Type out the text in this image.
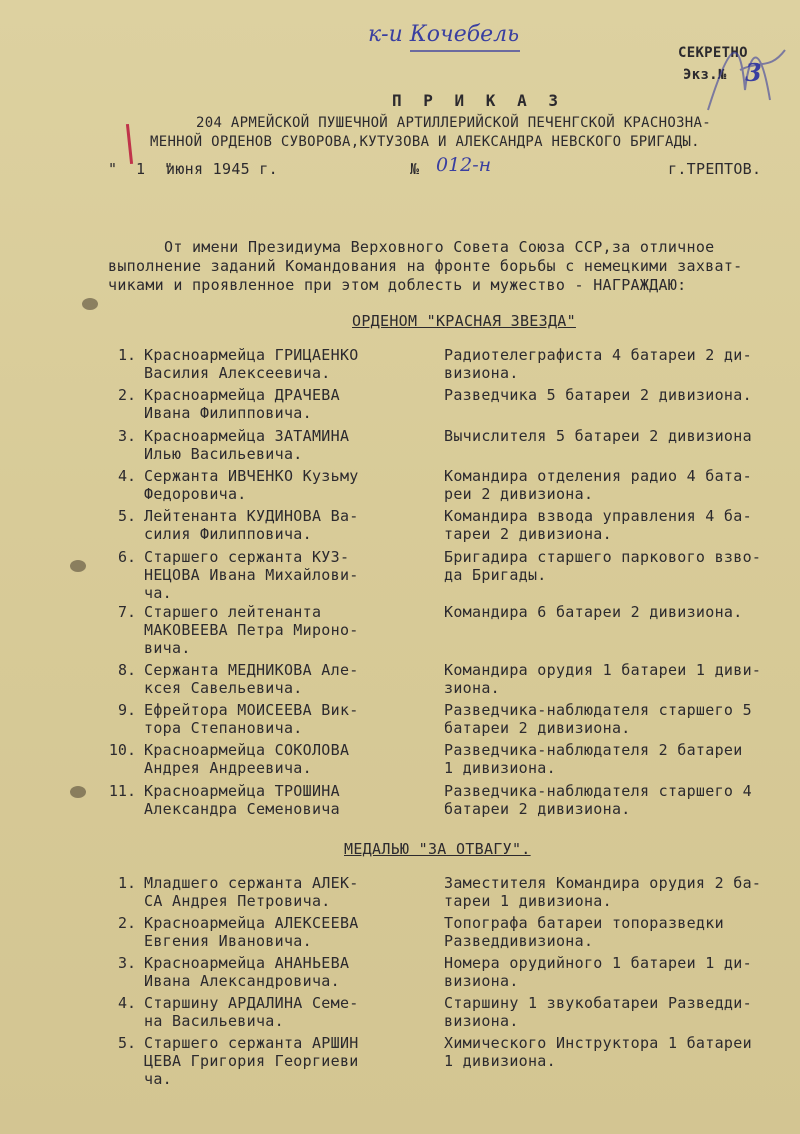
к-и Кочебель
СЕКРЕТНО
Экз.№ 3
П Р И К А З
204 АРМЕЙСКОЙ ПУШЕЧНОЙ АРТИЛЛЕРИЙСКОЙ ПЕЧЕНГСКОЙ КРАСНОЗНА-
МЕННОЙ ОРДЕНОВ СУВОРОВА,КУТУЗОВА И АЛЕКСАНДРА НЕВСКОГО БРИГАДЫ.
"  1  "
июня 1945 г.	№ 012-н	г.ТРЕПТОВ.
От имени Президиума Верховного Совета Союза ССР,за отличное
выполнение заданий Командования на фронте борьбы с немецкими захват-
чиками и проявленное при этом доблесть и мужество - НАГРАЖДАЮ:
ОРДЕНОМ "КРАСНАЯ ЗВЕЗДА"
1. Красноармейца ГРИЦАЕНКО
Василия Алексеевича.
Радиотелеграфиста 4 батареи 2 ди-
визиона.
2. Красноармейца ДРАЧЕВА
Ивана Филипповича.
Разведчика 5 батареи 2 дивизиона.
3. Красноармейца ЗАТАМИНА
Илью Васильевича.
Вычислителя 5 батареи 2 дивизиона
4. Сержанта ИВЧЕНКО Кузьму
Федоровича.
Командира отделения радио 4 бата-
реи 2 дивизиона.
5. Лейтенанта КУДИНОВА Ва-
силия Филипповича.
Командира взвода управления 4 ба-
тареи 2 дивизиона.
6. Старшего сержанта КУЗ-
НЕЦОВА Ивана Михайлови-
ча.
Бригадира старшего паркового взво-
да Бригады.
7. Старшего лейтенанта
МАКОВЕЕВА Петра Мироно-
вича.
Командира 6 батареи 2 дивизиона.
8. Сержанта МЕДНИКОВА Але-
ксея Савельевича.
Командира орудия 1 батареи 1 диви-
зиона.
9. Ефрейтора МОИСЕЕВА Вик-
тора Степановича.
Разведчика-наблюдателя старшего 5
батареи 2 дивизиона.
10. Красноармейца СОКОЛОВА
Андрея Андреевича.
Разведчика-наблюдателя 2 батареи
1 дивизиона.
11. Красноармейца ТРОШИНА
Александра Семеновича
Разведчика-наблюдателя старшего 4
батареи 2 дивизиона.
МЕДАЛЬЮ "ЗА ОТВАГУ".
1. Младшего сержанта АЛЕК-
СА Андрея Петровича.
Заместителя Командира орудия 2 ба-
тареи 1 дивизиона.
2. Красноармейца АЛЕКСЕЕВА
Евгения Ивановича.
Топографа батареи топоразведки
Разведдивизиона.
3. Красноармейца АНАНЬЕВА
Ивана Александровича.
Номера орудийного 1 батареи 1 ди-
визиона.
4. Старшину АРДАЛИНА Семе-
на Васильевича.
Старшину 1 звукобатареи Разведди-
визиона.
5. Старшего сержанта АРШИН
ЦЕВА Григория Георгиеви
ча.
Химического Инструктора 1 батареи
1 дивизиона.
